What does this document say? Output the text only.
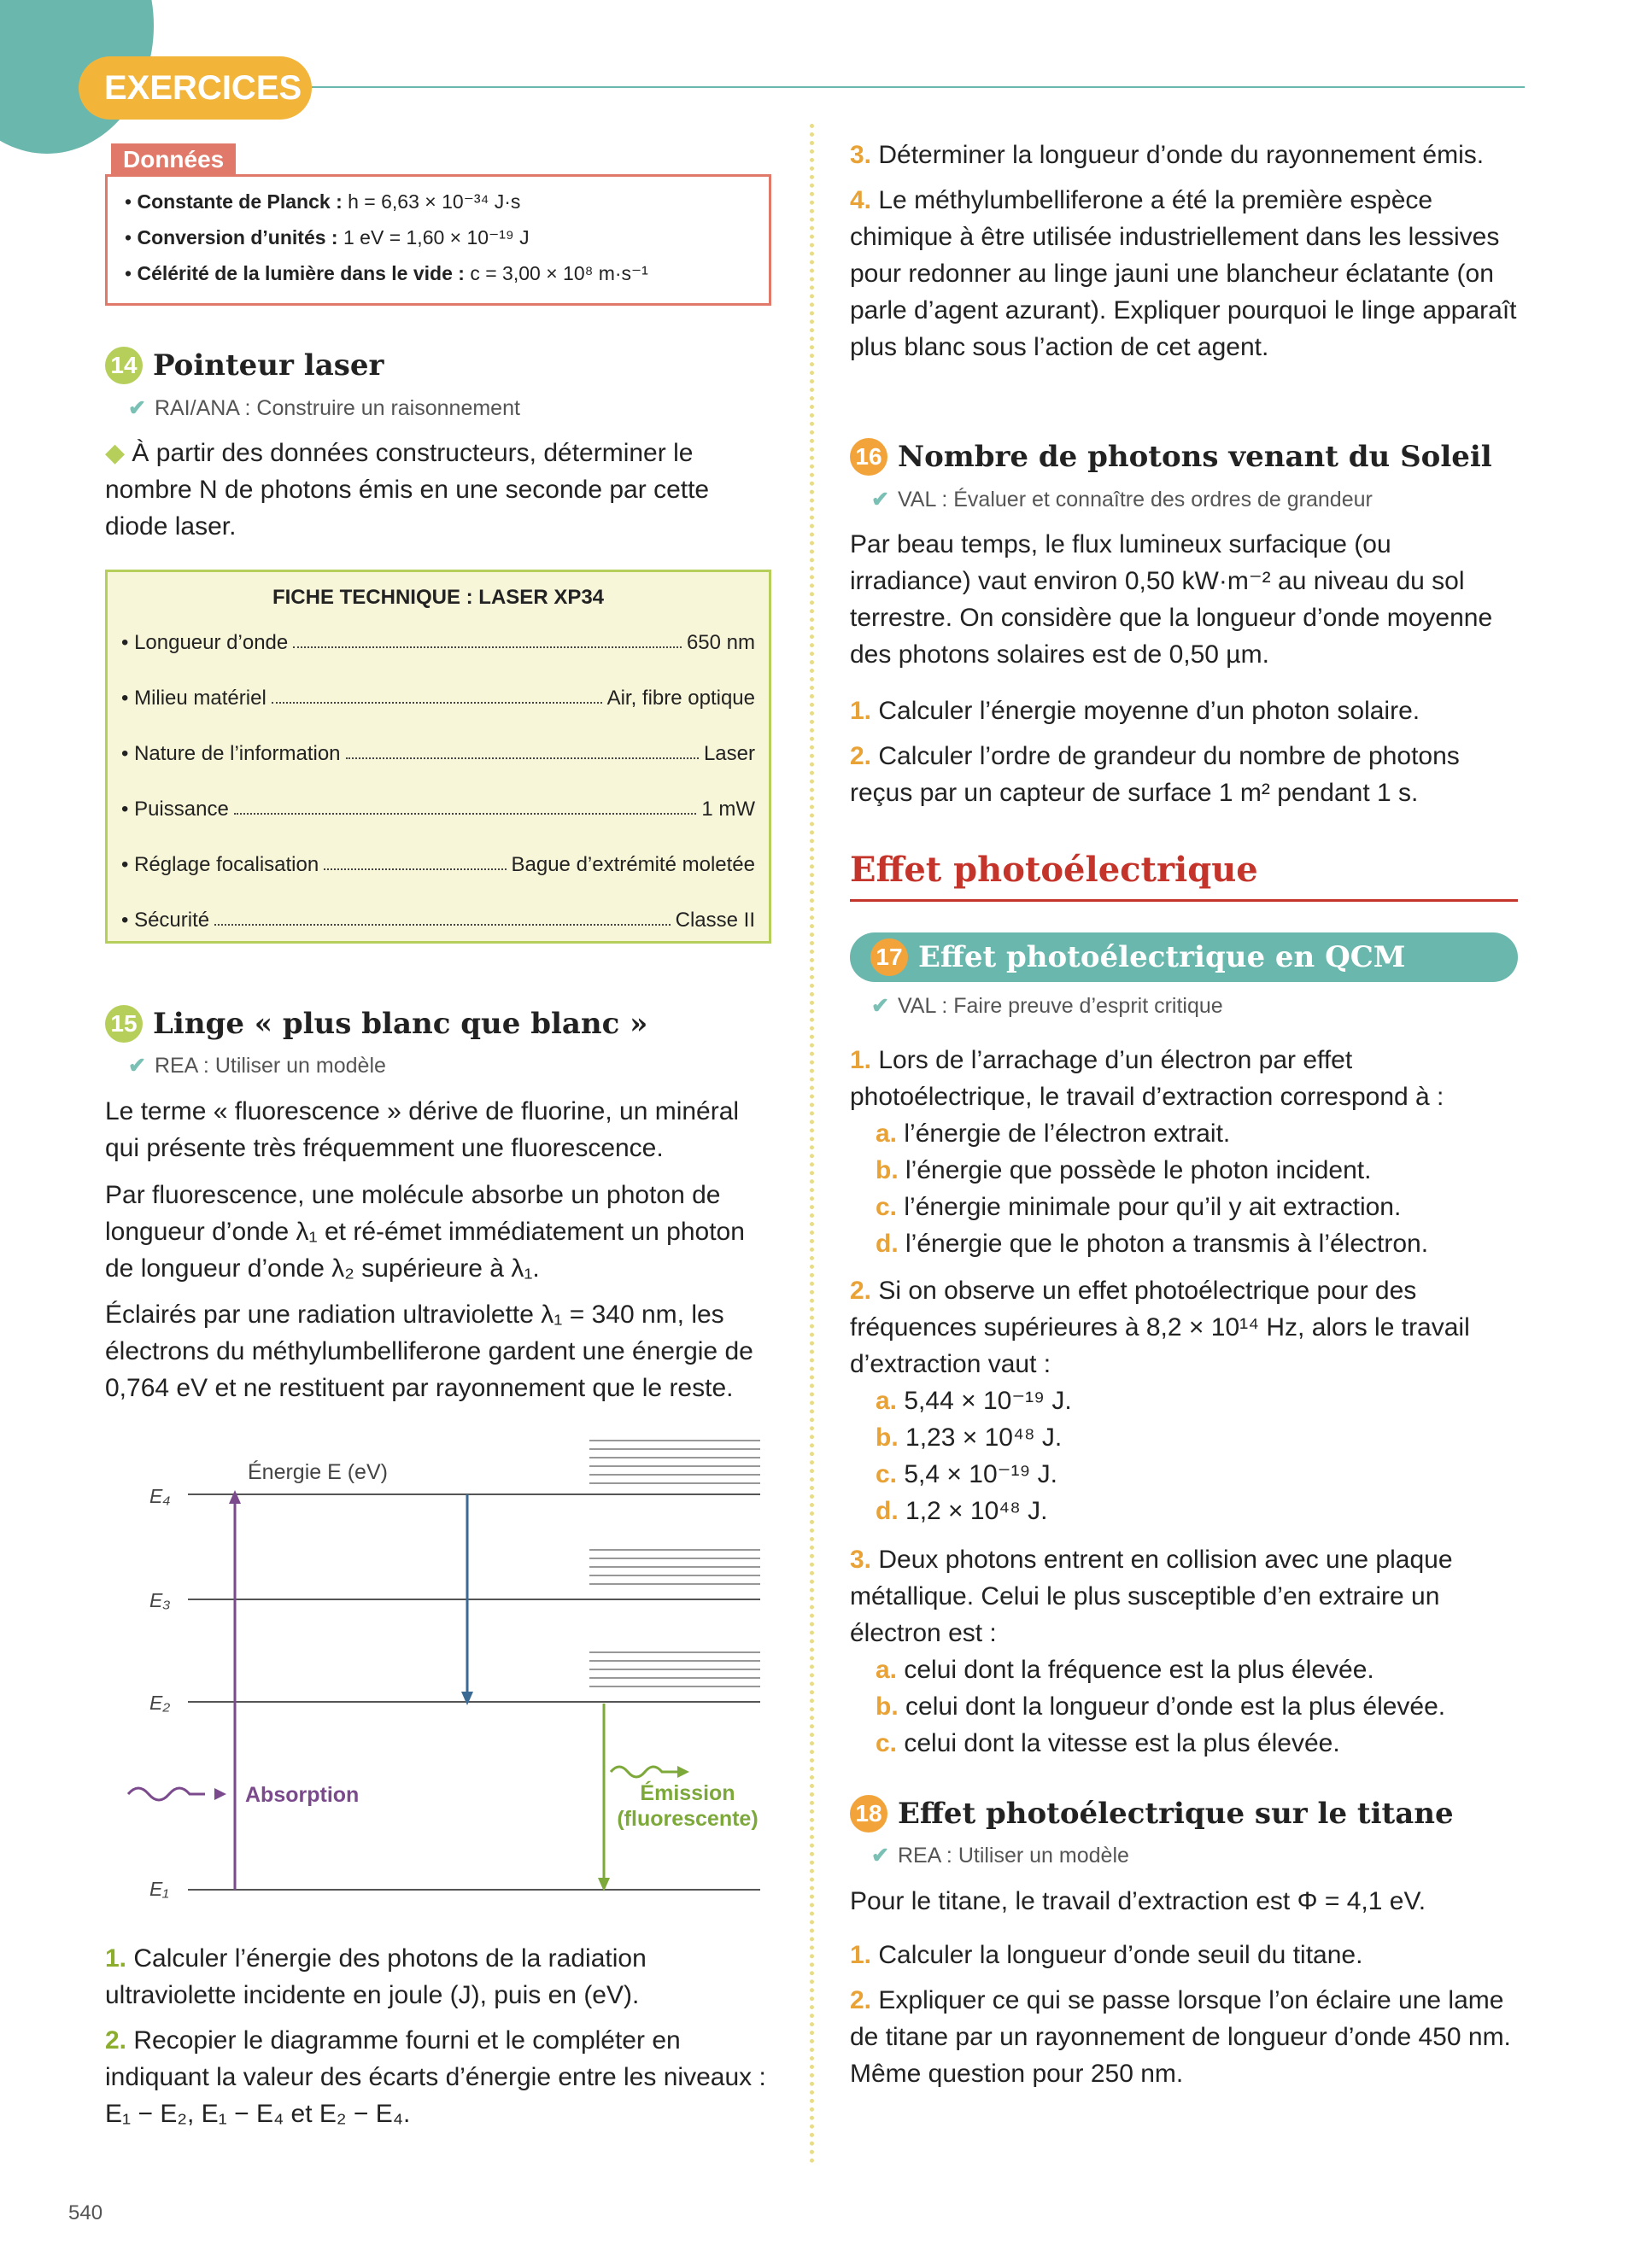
EXERCICES
Données
• Constante de Planck : h = 6,63 × 10⁻³⁴ J·s
• Conversion d’unités : 1 eV = 1,60 × 10⁻¹⁹ J
• Célérité de la lumière dans le vide : c = 3,00 × 10⁸ m·s⁻¹
14 Pointeur laser
✔ RAI/ANA : Construire un raisonnement
◆ À partir des données constructeurs, déterminer le nombre N de photons émis en une seconde par cette diode laser.
FICHE TECHNIQUE : LASER XP34
• Longueur d’onde	650 nm
• Milieu matériel	Air, fibre optique
• Nature de l’information	Laser
• Puissance	1 mW
• Réglage focalisation	Bague d’extrémité moletée
• Sécurité	Classe II
15 Linge « plus blanc que blanc »
✔ REA : Utiliser un modèle
Le terme « fluorescence » dérive de fluorine, un minéral qui présente très fréquemment une fluorescence.
Par fluorescence, une molécule absorbe un photon de longueur d’onde λ₁ et ré-émet immédiatement un photon de longueur d’onde λ₂ supérieure à λ₁.
Éclairés par une radiation ultraviolette λ₁ = 340 nm, les électrons du méthylumbelliferone gardent une énergie de 0,764 eV et ne restituent par rayonnement que le reste.
Énergie E (eV)
E₄
E₃
E₂
E₁
Absorption	Émission (fluorescente)
1. Calculer l’énergie des photons de la radiation ultraviolette incidente en joule (J), puis en (eV).
2. Recopier le diagramme fourni et le compléter en indiquant la valeur des écarts d’énergie entre les niveaux : E₁ − E₂, E₁ − E₄ et E₂ − E₄.
3. Déterminer la longueur d’onde du rayonnement émis.
4. Le méthylumbelliferone a été la première espèce chimique à être utilisée industriellement dans les lessives pour redonner au linge jauni une blancheur éclatante (on parle d’agent azurant). Expliquer pourquoi le linge apparaît plus blanc sous l’action de cet agent.
16 Nombre de photons venant du Soleil
✔ VAL : Évaluer et connaître des ordres de grandeur
Par beau temps, le flux lumineux surfacique (ou irradiance) vaut environ 0,50 kW·m⁻² au niveau du sol terrestre. On considère que la longueur d’onde moyenne des photons solaires est de 0,50 µm.
1. Calculer l’énergie moyenne d’un photon solaire.
2. Calculer l’ordre de grandeur du nombre de photons reçus par un capteur de surface 1 m² pendant 1 s.
Effet photoélectrique
17 Effet photoélectrique en QCM
✔ VAL : Faire preuve d’esprit critique
1. Lors de l’arrachage d’un électron par effet photoélectrique, le travail d’extraction correspond à :
a. l’énergie de l’électron extrait.
b. l’énergie que possède le photon incident.
c. l’énergie minimale pour qu’il y ait extraction.
d. l’énergie que le photon a transmis à l’électron.
2. Si on observe un effet photoélectrique pour des fréquences supérieures à 8,2 × 10¹⁴ Hz, alors le travail d’extraction vaut :
a. 5,44 × 10⁻¹⁹ J.
b. 1,23 × 10⁴⁸ J.
c. 5,4 × 10⁻¹⁹ J.
d. 1,2 × 10⁴⁸ J.
3. Deux photons entrent en collision avec une plaque métallique. Celui le plus susceptible d’en extraire un électron est :
a. celui dont la fréquence est la plus élevée.
b. celui dont la longueur d’onde est la plus élevée.
c. celui dont la vitesse est la plus élevée.
18 Effet photoélectrique sur le titane
✔ REA : Utiliser un modèle
Pour le titane, le travail d’extraction est Φ = 4,1 eV.
1. Calculer la longueur d’onde seuil du titane.
2. Expliquer ce qui se passe lorsque l’on éclaire une lame de titane par un rayonnement de longueur d’onde 450 nm. Même question pour 250 nm.
540
